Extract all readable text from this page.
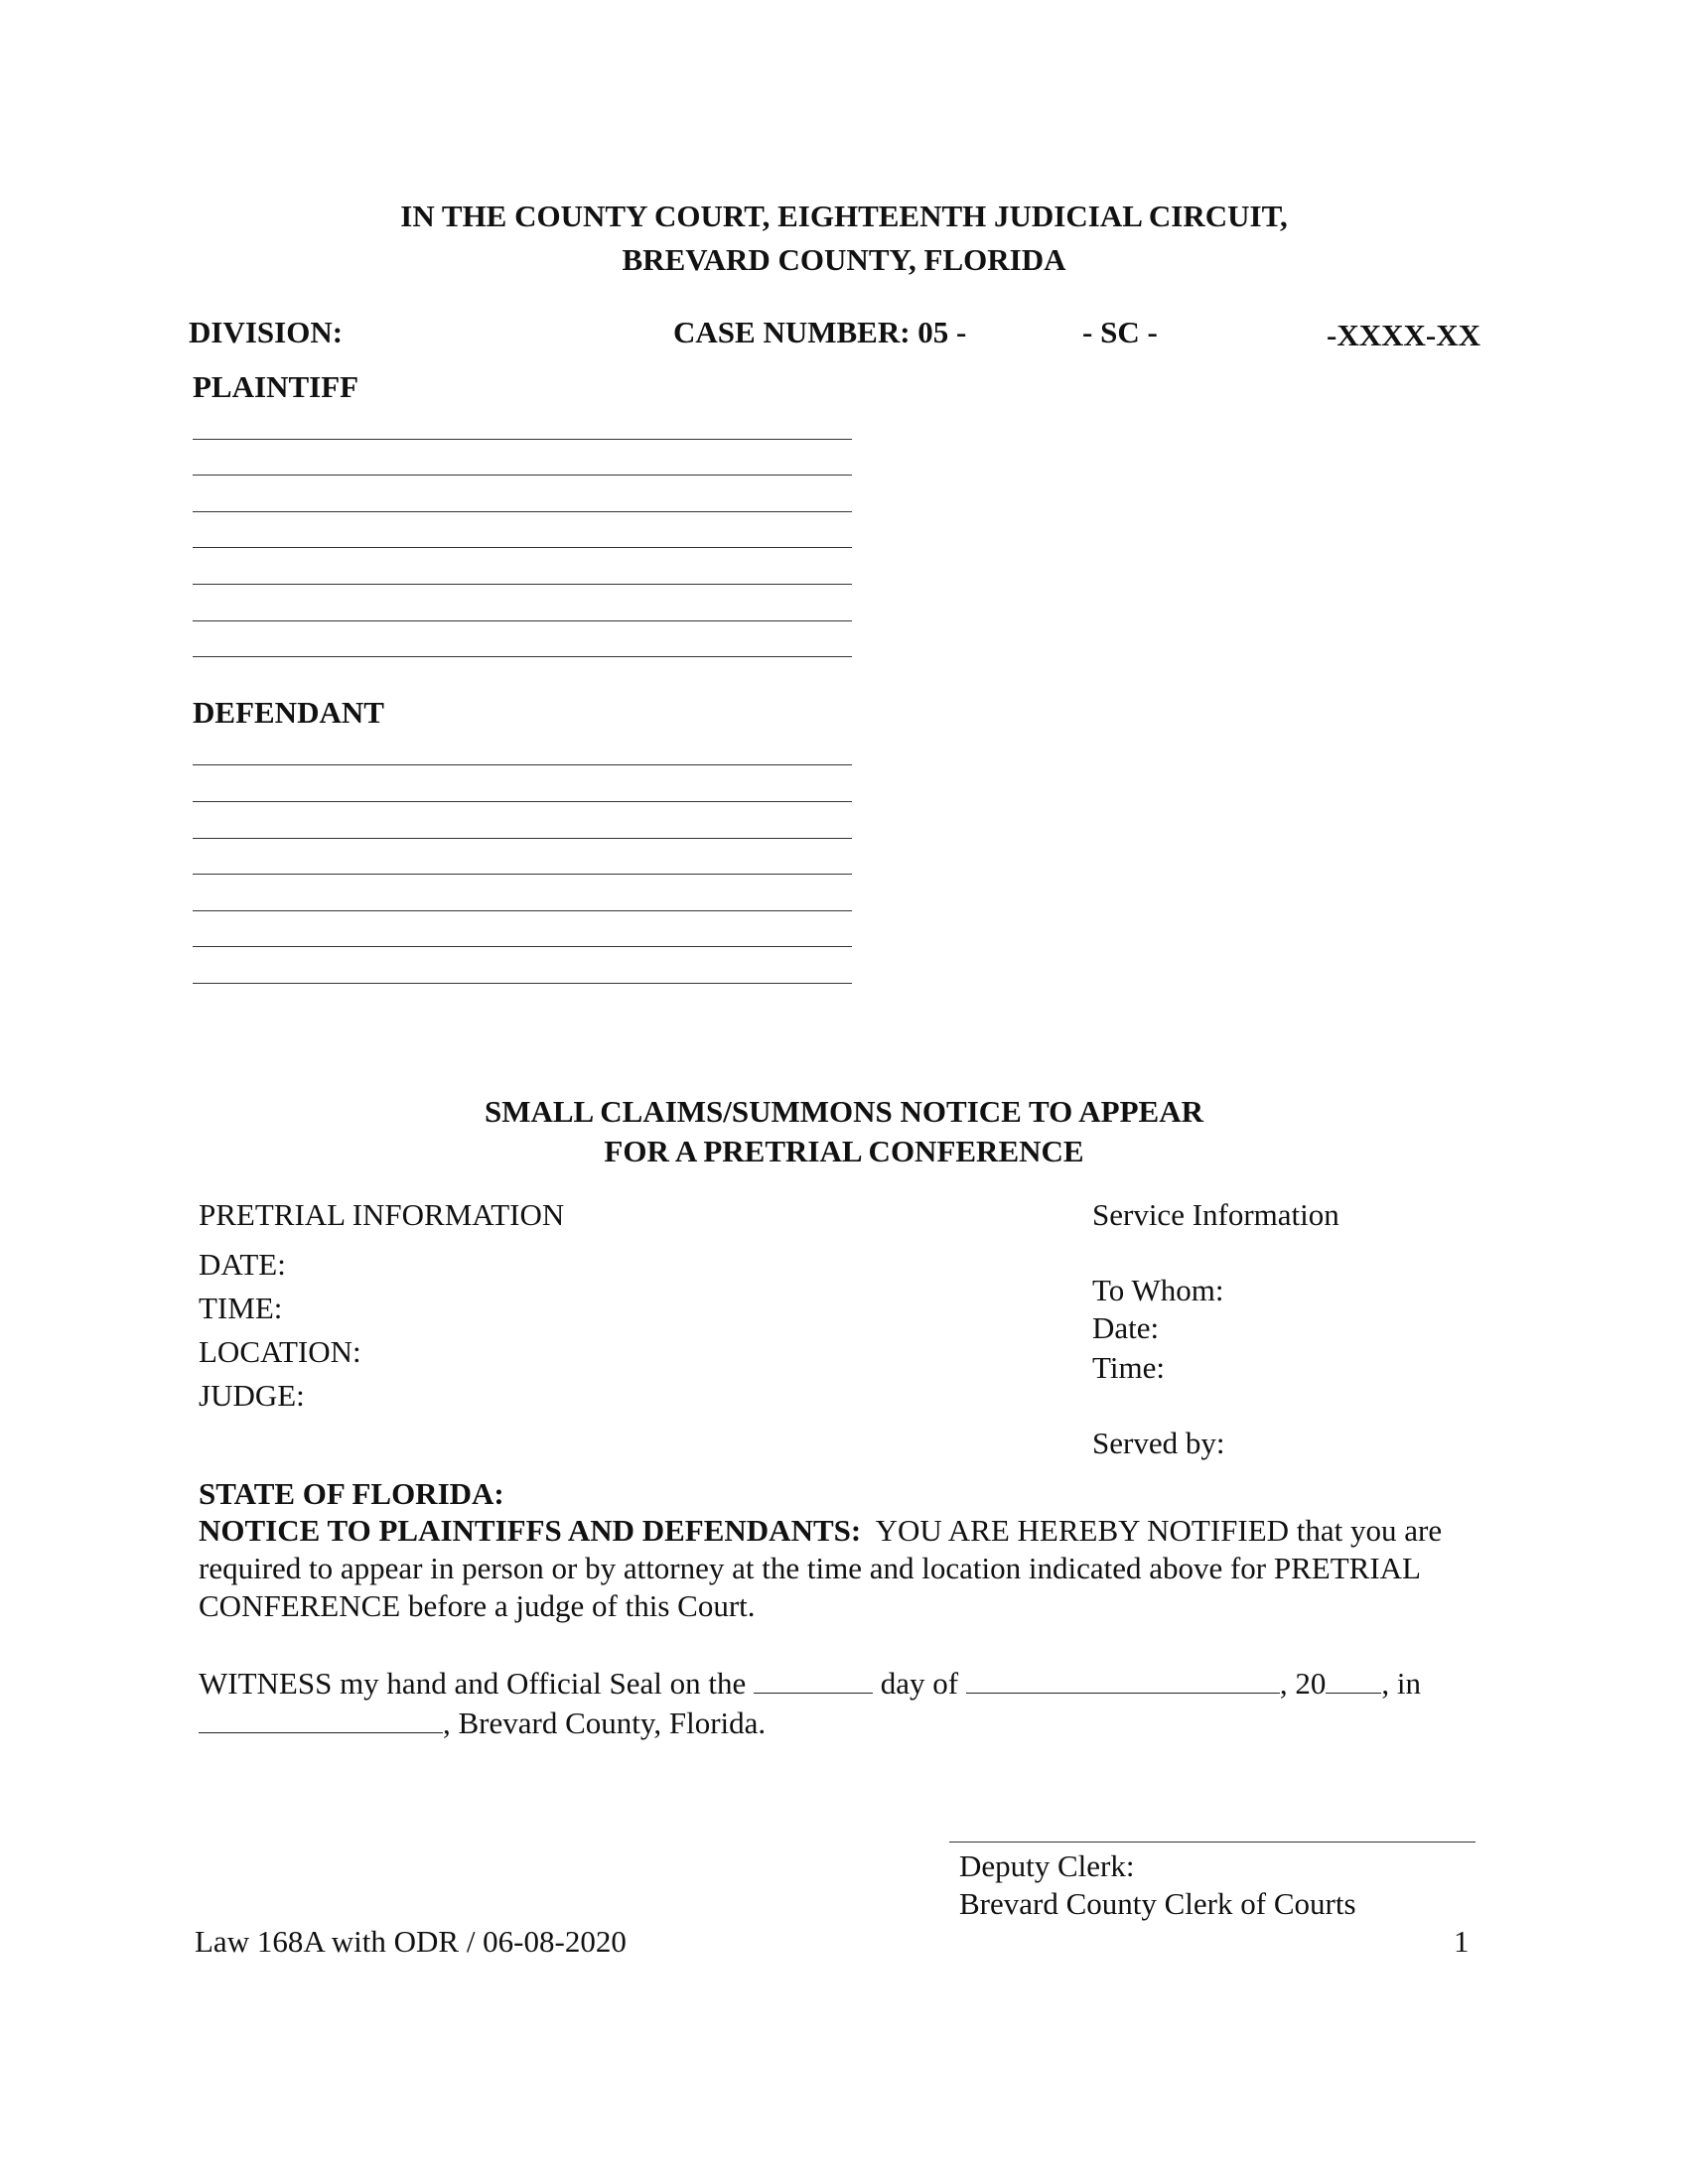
IN THE COUNTY COURT, EIGHTEENTH JUDICIAL CIRCUIT,
BREVARD COUNTY, FLORIDA
DIVISION:	CASE NUMBER: 05 -	- SC -	-XXXX-XX
PLAINTIFF
DEFENDANT
SMALL CLAIMS/SUMMONS NOTICE TO APPEAR
FOR A PRETRIAL CONFERENCE
PRETRIAL INFORMATION
DATE:
TIME:
LOCATION:
JUDGE:
Service Information
To Whom:
Date:
Time:
Served by:
STATE OF FLORIDA:
NOTICE TO PLAINTIFFS AND DEFENDANTS: YOU ARE HEREBY NOTIFIED that you are required to appear in person or by attorney at the time and location indicated above for PRETRIAL CONFERENCE before a judge of this Court.
WITNESS my hand and Official Seal on the	day of	, 20 , in
, Brevard County, Florida.
Deputy Clerk:
Brevard County Clerk of Courts
Law 168A with ODR / 06-08-2020	1
